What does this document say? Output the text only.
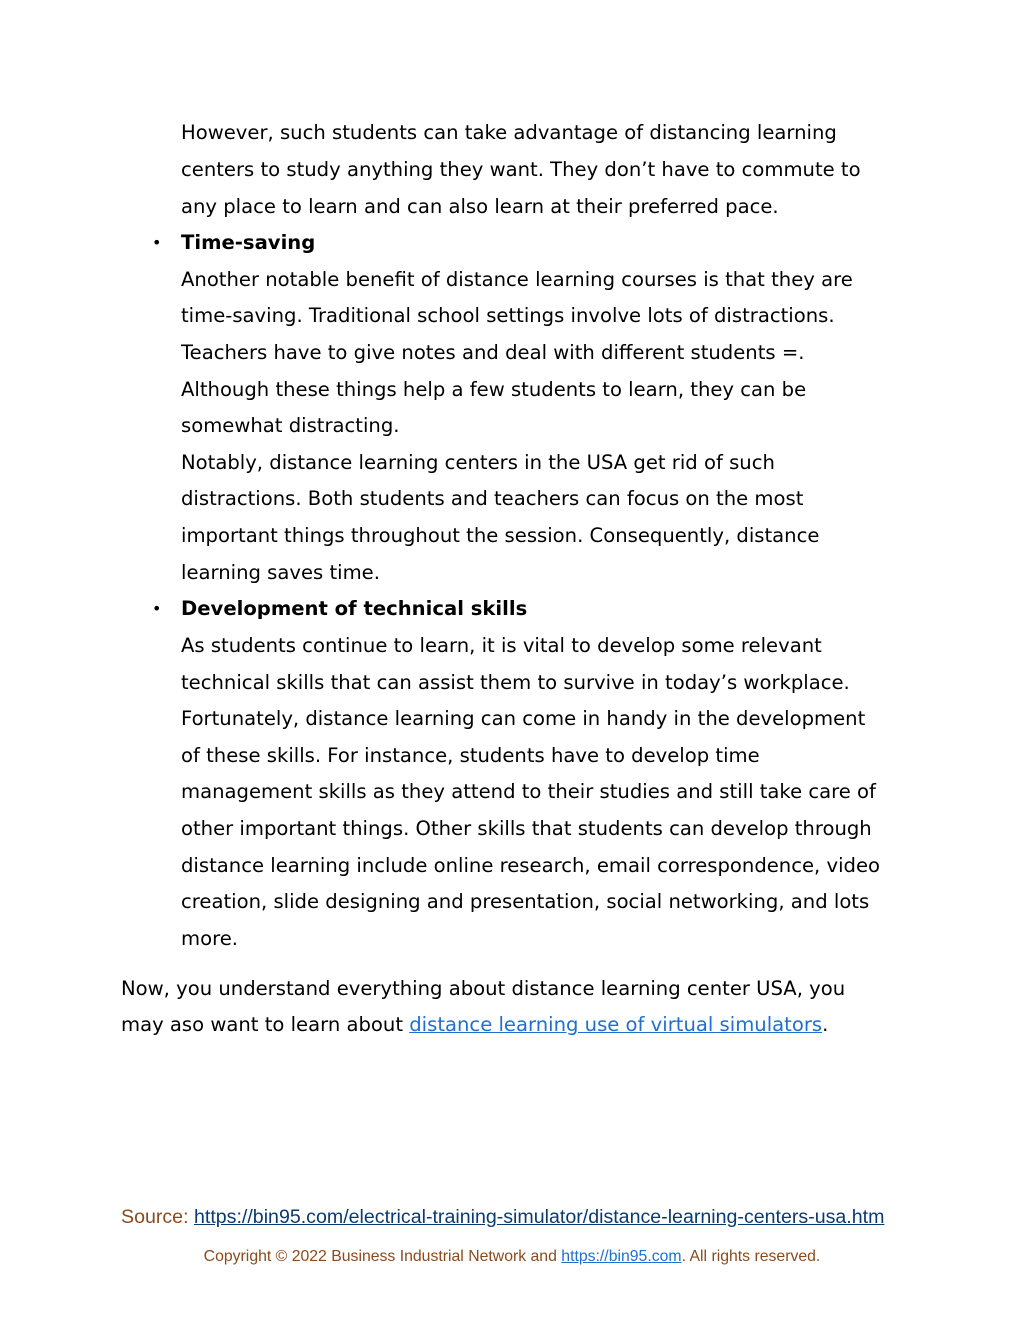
However, such students can take advantage of distancing learning
centers to study anything they want. They don’t have to commute to
any place to learn and can also learn at their preferred pace.
• Time-saving
Another notable benefit of distance learning courses is that they are
time-saving. Traditional school settings involve lots of distractions.
Teachers have to give notes and deal with different students =.
Although these things help a few students to learn, they can be
somewhat distracting.
Notably, distance learning centers in the USA get rid of such
distractions. Both students and teachers can focus on the most
important things throughout the session. Consequently, distance
learning saves time.
• Development of technical skills
As students continue to learn, it is vital to develop some relevant
technical skills that can assist them to survive in today’s workplace.
Fortunately, distance learning can come in handy in the development
of these skills. For instance, students have to develop time
management skills as they attend to their studies and still take care of
other important things. Other skills that students can develop through
distance learning include online research, email correspondence, video
creation, slide designing and presentation, social networking, and lots
more.
Now, you understand everything about distance learning center USA, you
may aso want to learn about distance learning use of virtual simulators.
Source: https://bin95.com/electrical-training-simulator/distance-learning-centers-usa.htm
Copyright © 2022 Business Industrial Network and https://bin95.com. All rights reserved.
